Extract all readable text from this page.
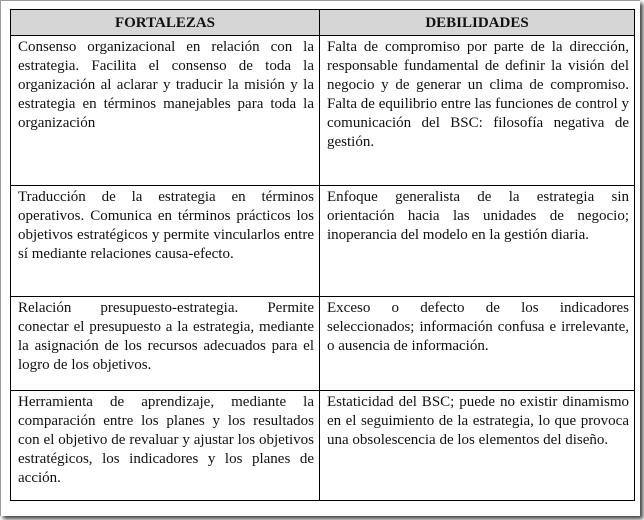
FORTALEZAS	DEBILIDADES
Consenso organizacional en relación con la estrategia. Facilita el consenso de toda la organización al aclarar y traducir la misión y la estrategia en términos manejables para toda la organización	Falta de compromiso por parte de la dirección, responsable fundamental de definir la visión del negocio y de generar un clima de compromiso. Falta de equilibrio entre las funciones de control y comunicación del BSC: filosofía negativa de gestión.
Traducción de la estrategia en términos operativos. Comunica en términos prácticos los objetivos estratégicos y permite vincularlos entre sí mediante relaciones causa-efecto.	Enfoque generalista de la estrategia sin orientación hacia las unidades de negocio; inoperancia del modelo en la gestión diaria.
Relación presupuesto-estrategia. Permite conectar el presupuesto a la estrategia, mediante la asignación de los recursos adecuados para el logro de los objetivos.	Exceso o defecto de los indicadores seleccionados; información confusa e irrelevante, o ausencia de información.
Herramienta de aprendizaje, mediante la comparación entre los planes y los resultados con el objetivo de revaluar y ajustar los objetivos estratégicos, los indicadores y los planes de acción.	Estaticidad del BSC; puede no existir dinamismo en el seguimiento de la estrategia, lo que provoca una obsolescencia de los elementos del diseño.
